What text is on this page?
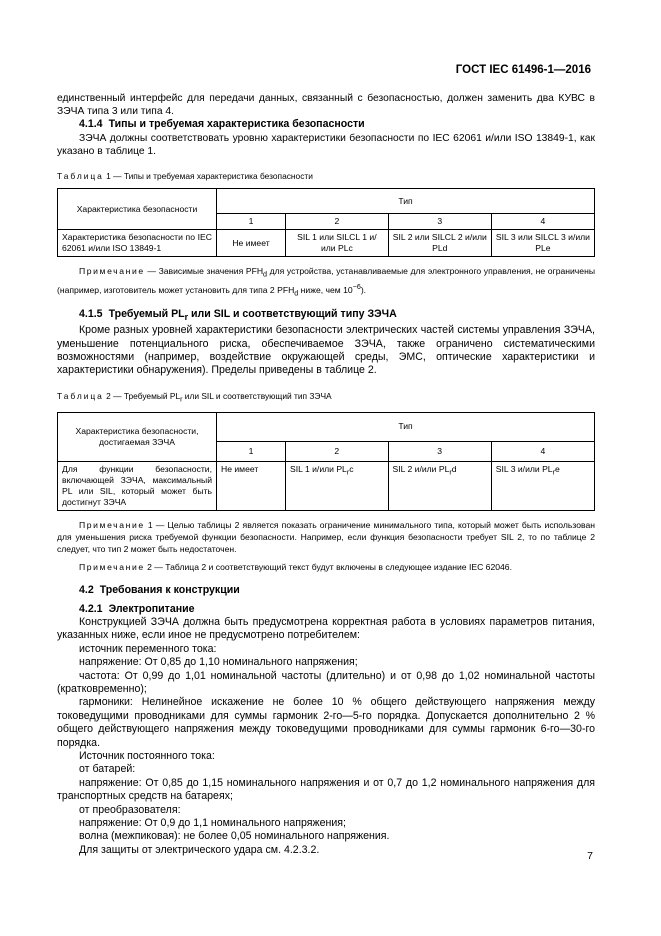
ГОСТ IEC 61496-1—2016

единственный интерфейс для передачи данных, связанный с безопасностью, должен заменить два КУВС в ЗЭЧА типа 3 или типа 4.

4.1.4 Типы и требуемая характеристика безопасности

ЗЭЧА должны соответствовать уровню характеристики безопасности по IEC 62061 и/или ISO 13849-1, как указано в таблице 1.

Таблица 1 — Типы и требуемая характеристика безопасности
Характеристика безопасности	Тип			
	1	2	3	4
Характеристика безопасности по IEC 62061 и/или ISO 13849-1	Не имеет	SIL 1 или SILCL 1 и/или PLc	SIL 2 или SILCL 2 и/или PLd	SIL 3 или SILCL 3 и/или PLe

Примечание — Зависимые значения $PFH_d$ для устройства, устанавливаемые для электронного управления, не ограничены (например, изготовитель может установить для типа 2 $PFH_d$ ниже, чем $10^{-6}$).

4.1.5 Требуемый $PL_r$ или SIL и соответствующий типу ЗЭЧА

Кроме разных уровней характеристики безопасности электрических частей системы управления ЗЭЧА, уменьшение потенциального риска, обеспечиваемое ЗЭЧА, также ограничено систематическими возможностями (например, воздействие окружающей среды, ЭМС, оптические характеристики и характеристики обнаружения). Пределы приведены в таблице 2.

Таблица 2 — Требуемый $PL_r$ или SIL и соответствующий тип ЗЭЧА
Характеристика безопасности, достигаемая ЗЭЧА	Тип			
	1	2	3	4
Для функции безопасности, включающей ЗЭЧА, максимальный PL или SIL, который может быть достигнут ЗЭЧА	Не имеет	SIL 1 и/или $PL_rc$	SIL 2 и/или $PL_rd$	SIL 3 и/или $PL_re$

Примечание 1 — Целью таблицы 2 является показать ограничение минимального типа, который может быть использован для уменьшения риска требуемой функции безопасности. Например, если функция безопасности требует SIL 2, то по таблице 2 следует, что тип 2 может быть недостаточен.

Примечание 2 — Таблица 2 и соответствующий текст будут включены в следующее издание IEC 62046.

4.2 Требования к конструкции
4.2.1 Электропитание

Конструкцией ЗЭЧА должна быть предусмотрена корректная работа в условиях параметров питания, указанных ниже, если иное не предусмотрено потребителем:

источник переменного тока:

напряжение: От 0,85 до 1,10 номинального напряжения;

частота: От 0,99 до 1,01 номинальной частоты (длительно) и от 0,98 до 1,02 номинальной частоты (кратковременно);

гармоники: Нелинейное искажение не более 10 % общего действующего напряжения между токоведущими проводниками для суммы гармоник 2-го—5-го порядка. Допускается дополнительно 2 % общего действующего напряжения между токоведущими проводниками для суммы гармоник 6-го—30-го порядка.

Источник постоянного тока:

от батарей:

напряжение: От 0,85 до 1,15 номинального напряжения и от 0,7 до 1,2 номинального напряжения для транспортных средств на батареях;

от преобразователя:

напряжение: От 0,9 до 1,1 номинального напряжения;

волна (межпиковая): не более 0,05 номинального напряжения.

Для защиты от электрического удара см. 4.2.3.2.

7
